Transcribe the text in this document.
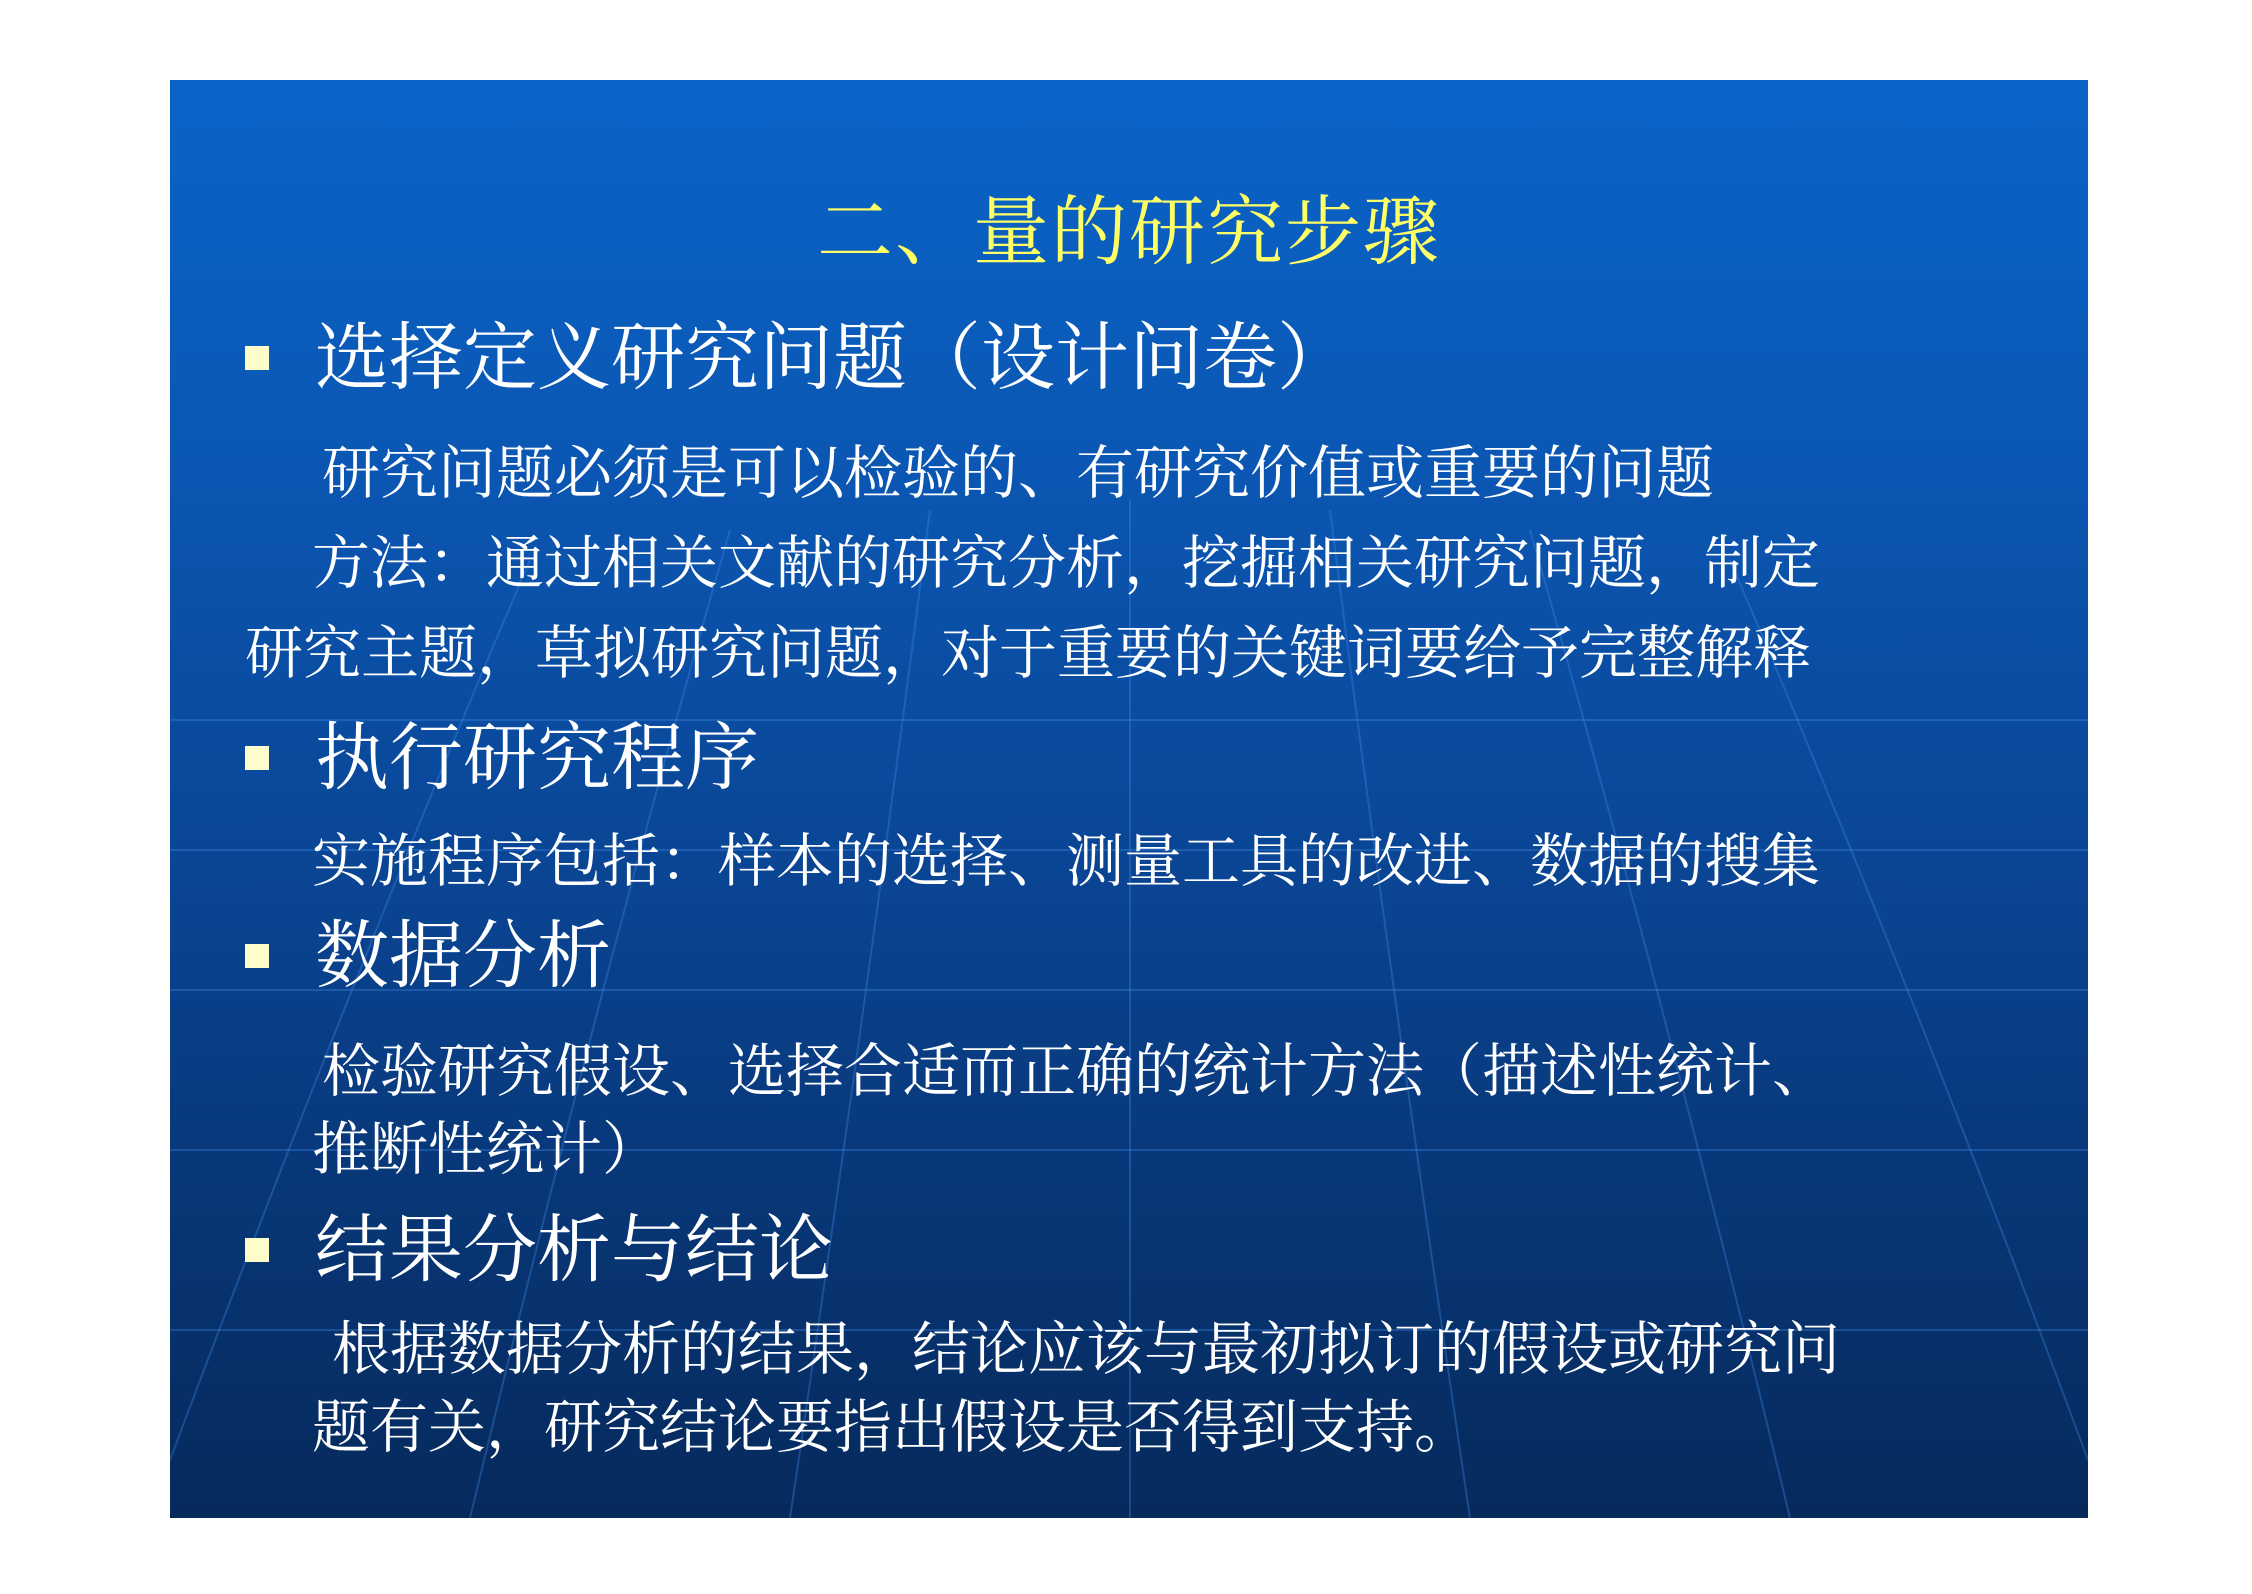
二、量的研究步骤
选择定义研究问题（设计问卷）
研究问题必须是可以检验的、有研究价值或重要的问题
方法：通过相关文献的研究分析，挖掘相关研究问题，制定
研究主题，草拟研究问题，对于重要的关键词要给予完整解释
执行研究程序
实施程序包括：样本的选择、测量工具的改进、数据的搜集
数据分析
检验研究假设、选择合适而正确的统计方法（描述性统计、
推断性统计）
结果分析与结论
根据数据分析的结果，结论应该与最初拟订的假设或研究问
题有关，研究结论要指出假设是否得到支持。
